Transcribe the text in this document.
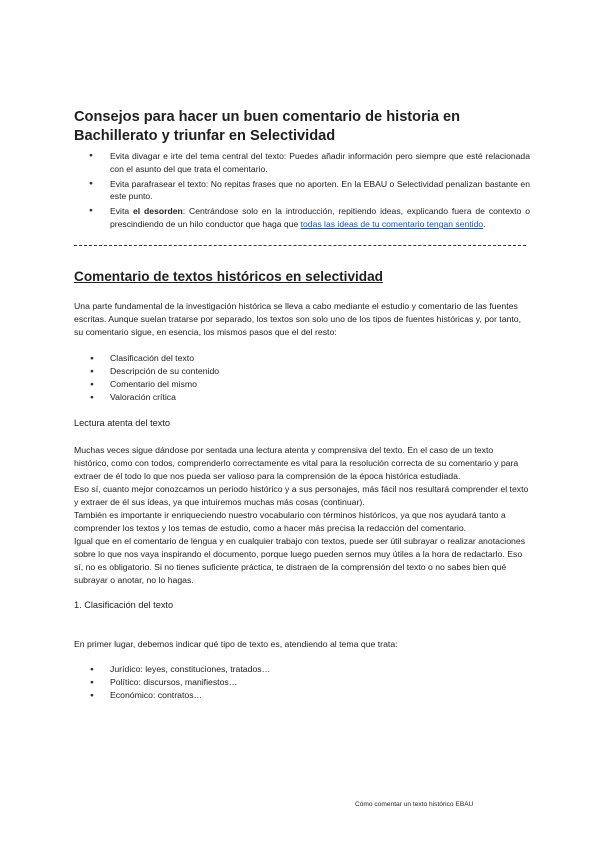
Consejos para hacer un buen comentario de historia en Bachillerato y triunfar en Selectividad
● Evita divagar e irte del tema central del texto: Puedes añadir información pero siempre que esté relacionada con el asunto del que trata el comentario.
● Evita parafrasear el texto: No repitas frases que no aporten. En la EBAU o Selectividad penalizan bastante en este punto.
● Evita el desorden: Centrándose solo en la introducción, repitiendo ideas, explicando fuera de contexto o prescindiendo de un hilo conductor que haga que todas las ideas de tu comentario tengan sentido.
Comentario de textos históricos en selectividad

Una parte fundamental de la investigación histórica se lleva a cabo mediante el estudio y comentario de las fuentes escritas. Aunque suelan tratarse por separado, los textos son solo uno de los tipos de fuentes históricas y, por tanto, su comentario sigue, en esencia, los mismos pasos que el del resto:

● Clasificación del texto
● Descripción de su contenido
● Comentario del mismo
● Valoración crítica
Lectura atenta del texto

Muchas veces sigue dándose por sentada una lectura atenta y comprensiva del texto. En el caso de un texto histórico, como con todos, comprenderlo correctamente es vital para la resolución correcta de su comentario y para extraer de él todo lo que nos pueda ser valioso para la comprensión de la época histórica estudiada.

Eso sí, cuanto mejor conozcamos un periodo histórico y a sus personajes, más fácil nos resultará comprender el texto y extraer de él sus ideas, ya que intuiremos muchas más cosas (continuar).

También es importante ir enriqueciendo nuestro vocabulario con términos históricos, ya que nos ayudará tanto a comprender los textos y los temas de estudio, como a hacer más precisa la redacción del comentario.

Igual que en el comentario de lengua y en cualquier trabajo con textos, puede ser útil subrayar o realizar anotaciones sobre lo que nos vaya inspirando el documento, porque luego pueden sernos muy útiles a la hora de redactarlo. Eso sí, no es obligatorio. Si no tienes suficiente práctica, te distraen de la comprensión del texto o no sabes bien qué subrayar o anotar, no lo hagas.

1. Clasificación del texto

En primer lugar, debemos indicar qué tipo de texto es, atendiendo al tema que trata:

● Jurídico: leyes, constituciones, tratados…
● Político: discursos, manifiestos…
● Económico: contratos…
Cómo comentar un texto histórico EBAU
